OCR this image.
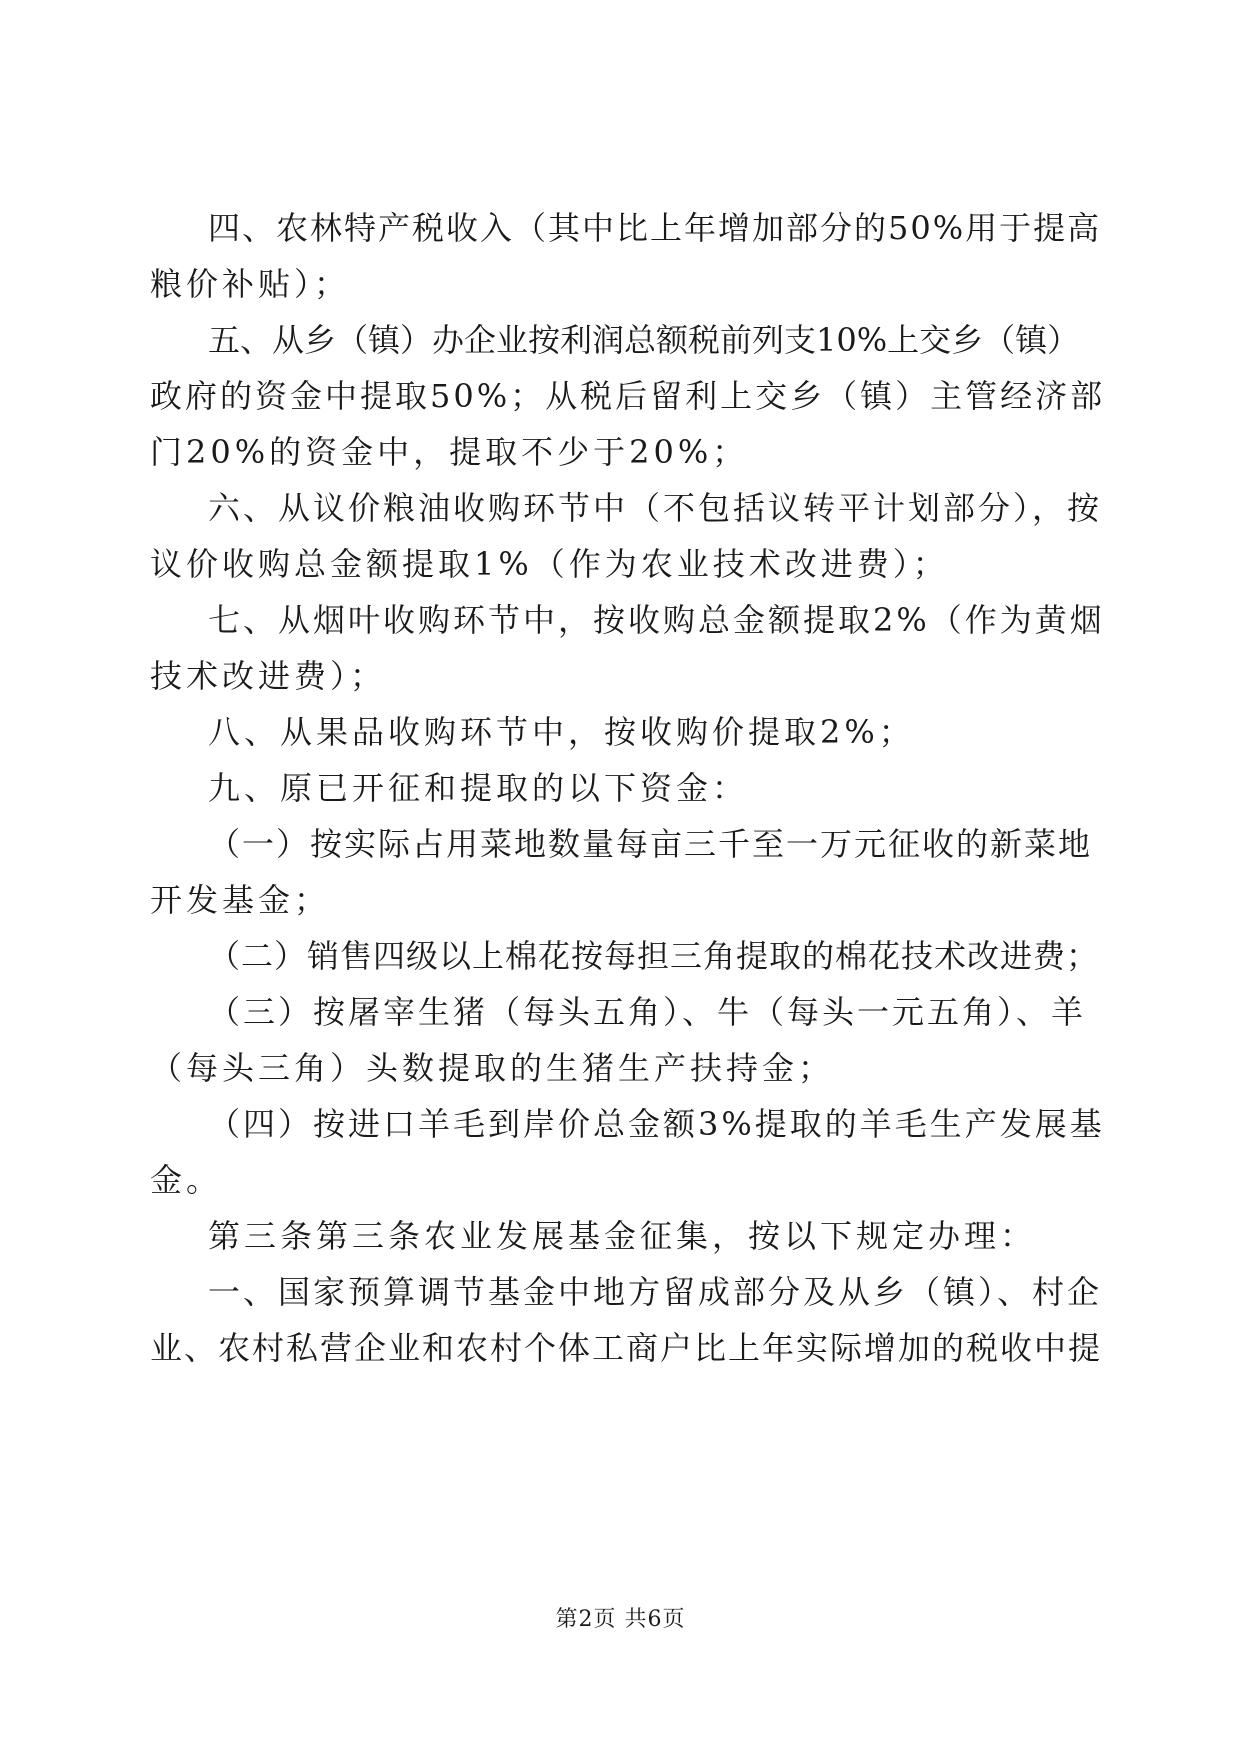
四、农林特产税收入（其中比上年增加部分的50%用于提高

粮价补贴）；

五、从乡（镇）办企业按利润总额税前列支10%上交乡（镇）

政府的资金中提取50%；从税后留利上交乡（镇）主管经济部

门20%的资金中，提取不少于20%；

六、从议价粮油收购环节中（不包括议转平计划部分），按

议价收购总金额提取1%（作为农业技术改进费）；

七、从烟叶收购环节中，按收购总金额提取2%（作为黄烟

技术改进费）；

八、从果品收购环节中，按收购价提取2%；

九、原已开征和提取的以下资金：

（一）按实际占用菜地数量每亩三千至一万元征收的新菜地

开发基金；

（二）销售四级以上棉花按每担三角提取的棉花技术改进费；

（三）按屠宰生猪（每头五角）、牛（每头一元五角）、羊

（每头三角）头数提取的生猪生产扶持金；

（四）按进口羊毛到岸价总金额3%提取的羊毛生产发展基

金。

第三条第三条农业发展基金征集，按以下规定办理：

一、国家预算调节基金中地方留成部分及从乡（镇）、村企

业、农村私营企业和农村个体工商户比上年实际增加的税收中提

第2页 共6页
